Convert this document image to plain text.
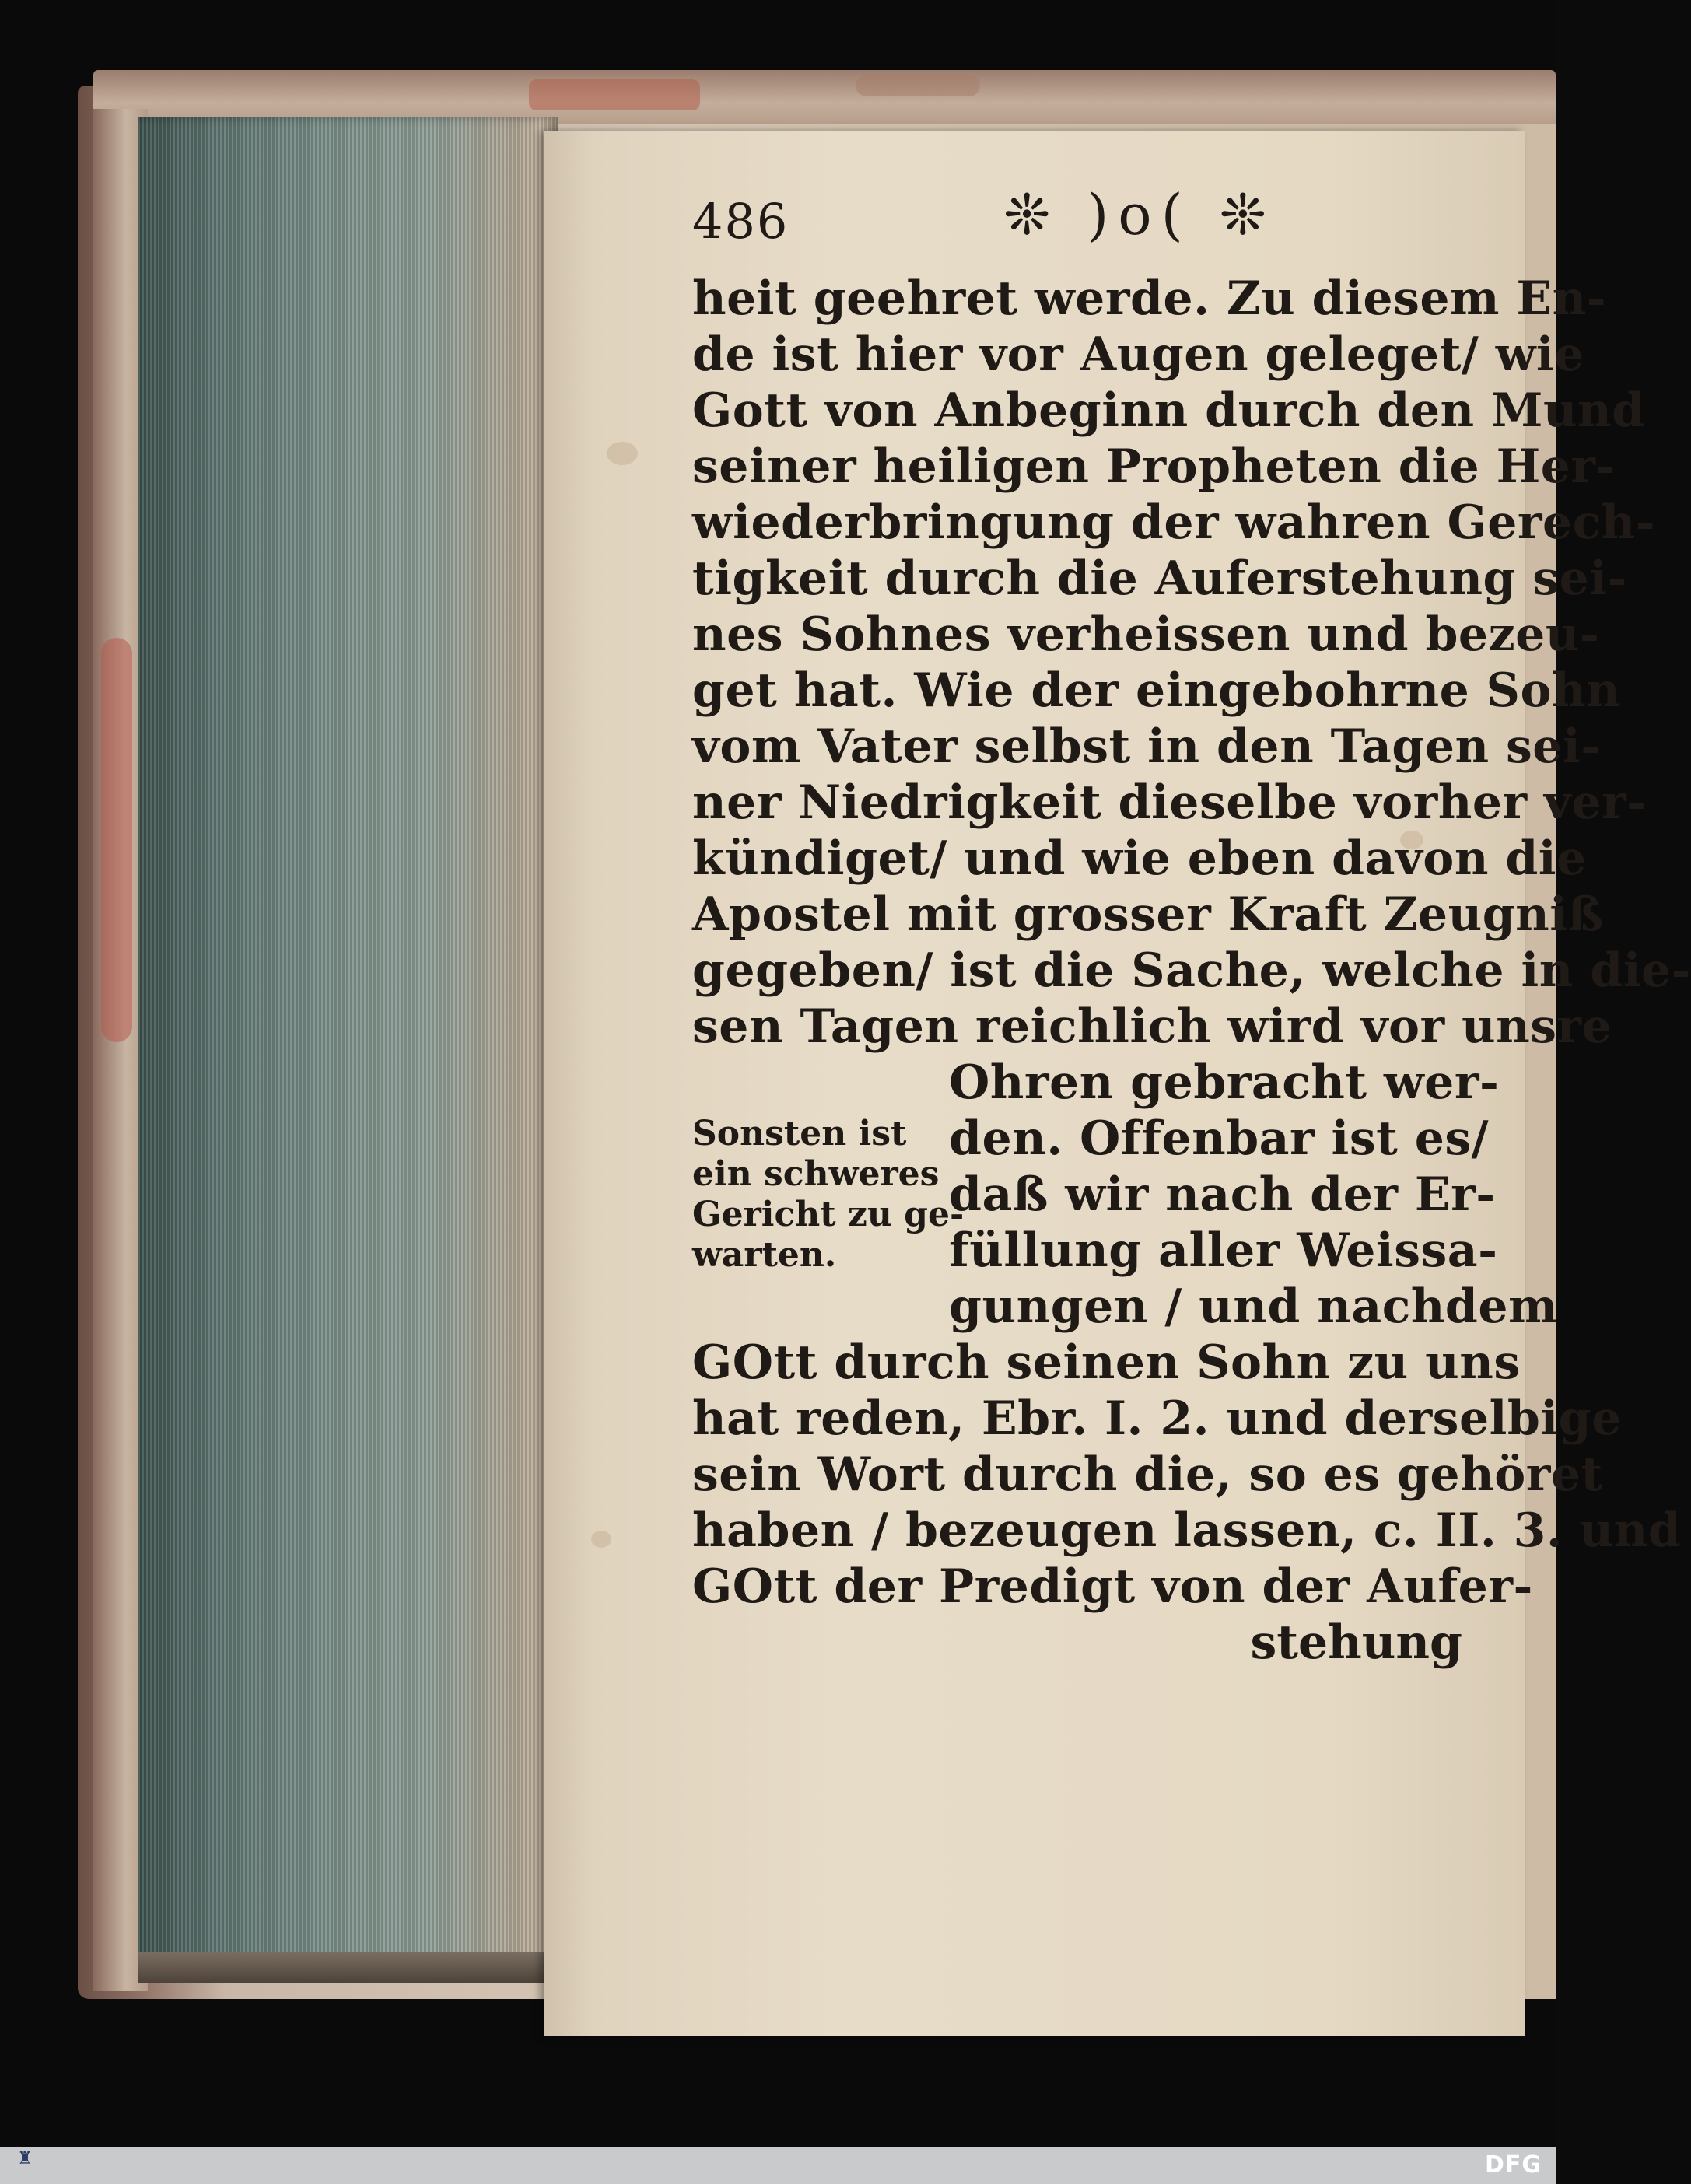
486	❊ )o( ❊
heit geehret werde. Zu diesem En-
de ist hier vor Augen geleget/ wie
Gott von Anbeginn durch den Mund
seiner heiligen Propheten die Her-
wiederbringung der wahren Gerech-
tigkeit durch die Auferstehung sei-
nes Sohnes verheissen und bezeu-
get hat. Wie der eingebohrne Sohn
vom Vater selbst in den Tagen sei-
ner Niedrigkeit dieselbe vorher ver-
kündiget/ und wie eben davon die
Apostel mit grosser Kraft Zeugniß
gegeben/ ist die Sache, welche in die-
sen Tagen reichlich wird vor unsre
Sonsten ist
ein schweres
Gericht zu ge-
warten.
Ohren gebracht wer-
den. Offenbar ist es/
daß wir nach der Er-
füllung aller Weissa-
gungen / und nachdem
GOtt durch seinen Sohn zu uns
hat reden, Ebr. I. 2. und derselbige
sein Wort durch die, so es gehöret
haben / bezeugen lassen, c. II. 3. und
GOtt der Predigt von der Aufer-
stehung
♜	DFG
